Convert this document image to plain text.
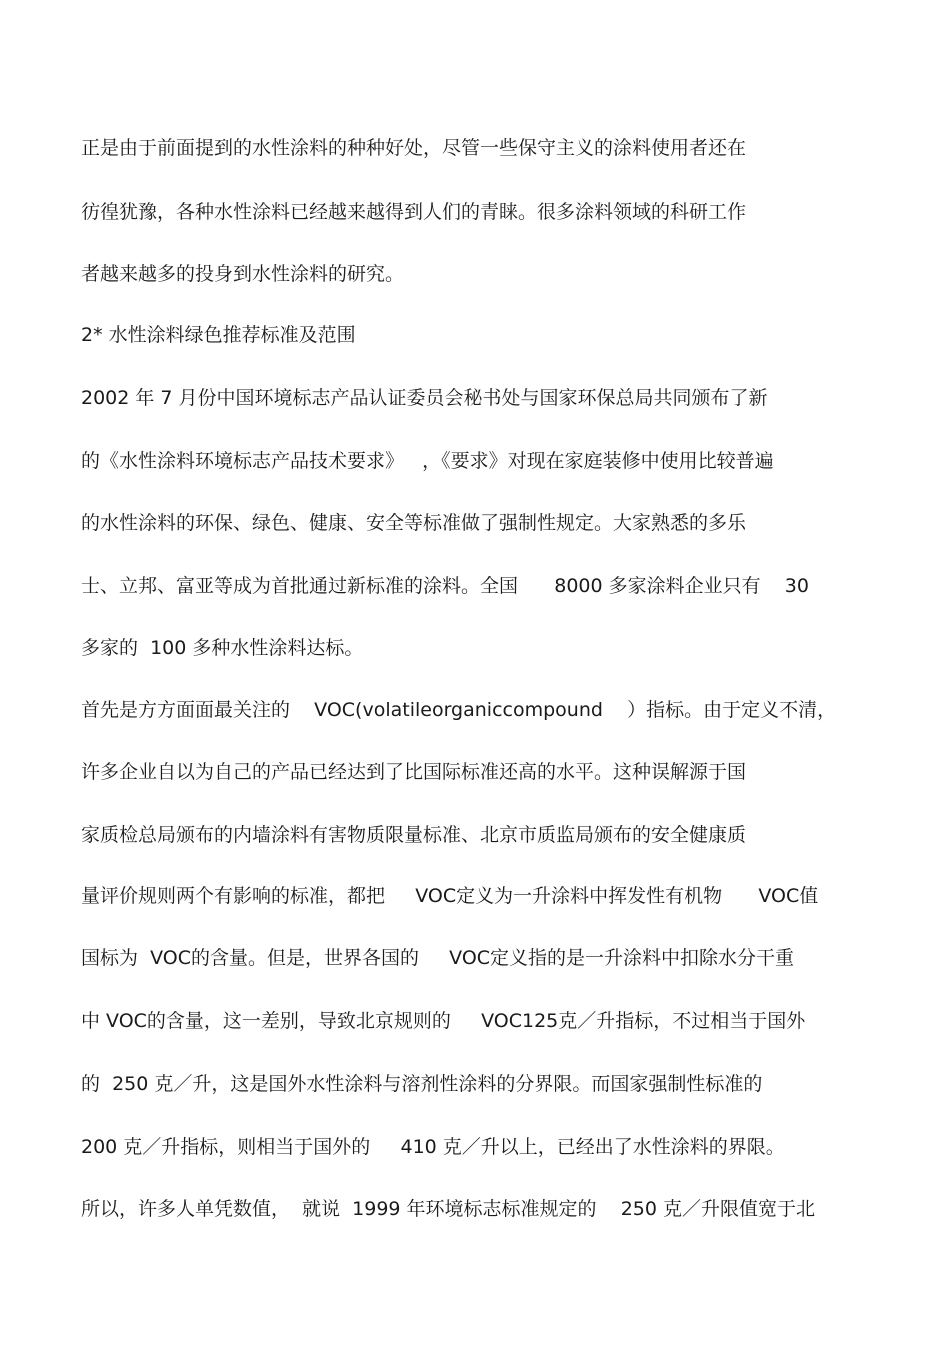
正是由于前面提到的水性涂料的种种好处，尽管一些保守主义的涂料使用者还在
彷徨犹豫，各种水性涂料已经越来越得到人们的青睐。很多涂料领域的科研工作
者越来越多的投身到水性涂料的研究。
2* 水性涂料绿色推荐标准及范围
2002 年 7 月份中国环境标志产品认证委员会秘书处与国家环保总局共同颁布了新
的《水性涂料环境标志产品技术要求》   ，《要求》对现在家庭装修中使用比较普遍
的水性涂料的环保、绿色、健康、安全等标准做了强制性规定。大家熟悉的多乐
士、立邦、富亚等成为首批通过新标准的涂料。全国      8000 多家涂料企业只有    30
多家的  100 多种水性涂料达标。
首先是方方面面最关注的    VOC(volatileorganiccompound    ）指标。由于定义不清，
许多企业自以为自己的产品已经达到了比国际标准还高的水平。这种误解源于国
家质检总局颁布的内墙涂料有害物质限量标准、北京市质监局颁布的安全健康质
量评价规则两个有影响的标准，都把     VOC定义为一升涂料中挥发性有机物      VOC值
国标为  VOC的含量。但是，世界各国的     VOC定义指的是一升涂料中扣除水分干重
中 VOC的含量，这一差别，导致北京规则的     VOC125克／升指标，不过相当于国外
的  250 克／升，这是国外水性涂料与溶剂性涂料的分界限。而国家强制性标准的
200 克／升指标，则相当于国外的     410 克／升以上，已经出了水性涂料的界限。
所以，许多人单凭数值，  就说  1999 年环境标志标准规定的    250 克／升限值宽于北
